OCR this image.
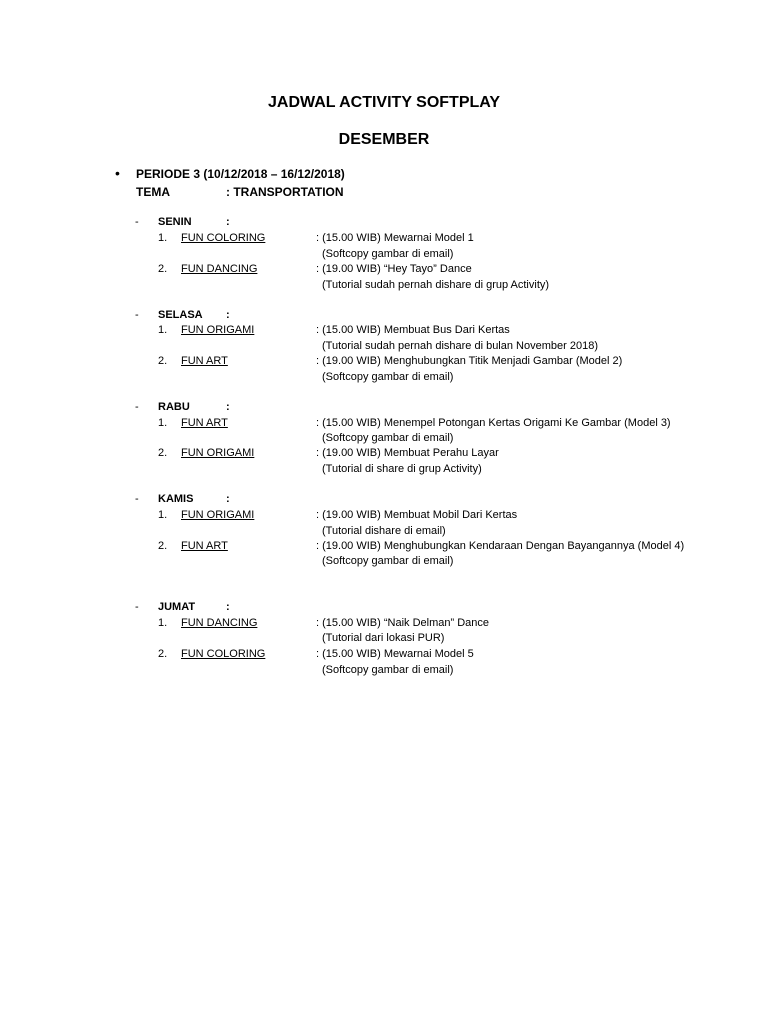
JADWAL ACTIVITY SOFTPLAY
DESEMBER
• PERIODE 3 (10/12/2018 – 16/12/2018)
TEMA	: TRANSPORTATION
- SENIN	:
1. FUN COLORING	: (15.00 WIB) Mewarnai Model 1
(Softcopy gambar di email)
2. FUN DANCING	: (19.00 WIB) “Hey Tayo” Dance
(Tutorial sudah pernah dishare di grup Activity)
- SELASA :
1. FUN ORIGAMI	: (15.00 WIB) Membuat Bus Dari Kertas
(Tutorial sudah pernah dishare di bulan November 2018)
2. FUN ART	: (19.00 WIB) Menghubungkan Titik Menjadi Gambar (Model 2)
(Softcopy gambar di email)
- RABU	:
1. FUN ART	: (15.00 WIB) Menempel Potongan Kertas Origami Ke Gambar (Model 3)
(Softcopy gambar di email)
2. FUN ORIGAMI	: (19.00 WIB) Membuat Perahu Layar
(Tutorial di share di grup Activity)
- KAMIS	:
1. FUN ORIGAMI	: (19.00 WIB) Membuat Mobil Dari Kertas
(Tutorial dishare di email)
2. FUN ART	: (19.00 WIB) Menghubungkan Kendaraan Dengan Bayangannya (Model 4)
(Softcopy gambar di email)
- JUMAT	:
1. FUN DANCING	: (15.00 WIB) “Naik Delman” Dance
(Tutorial dari lokasi PUR)
2. FUN COLORING	: (15.00 WIB) Mewarnai Model 5
(Softcopy gambar di email)
